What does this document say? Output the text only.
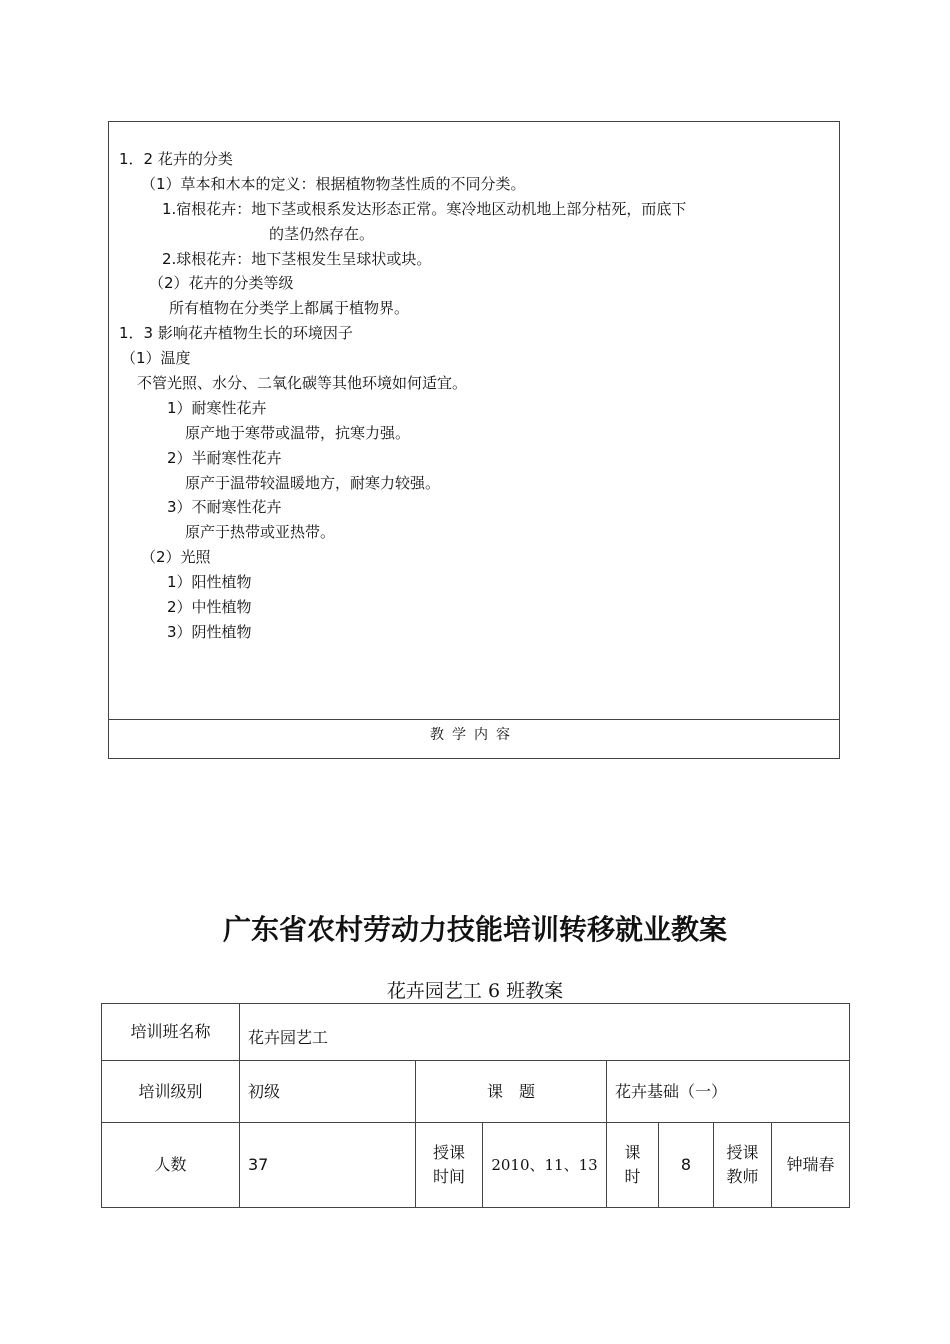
1．2 花卉的分类
（1）草本和木本的定义：根据植物物茎性质的不同分类。
1.宿根花卉：地下茎或根系发达形态正常。寒冷地区动机地上部分枯死，而底下
的茎仍然存在。
2.球根花卉：地下茎根发生呈球状或块。
（2）花卉的分类等级
所有植物在分类学上都属于植物界。
1．3 影响花卉植物生长的环境因子
（1）温度
不管光照、水分、二氧化碳等其他环境如何适宜。
1）耐寒性花卉
原产地于寒带或温带，抗寒力强。
2）半耐寒性花卉
原产于温带较温暖地方，耐寒力较强。
3）不耐寒性花卉
原产于热带或亚热带。
（2）光照
1）阳性植物
2）中性植物
3）阴性植物
教学内容
广东省农村劳动力技能培训转移就业教案
花卉园艺工 6 班教案
培训班名称	花卉园艺工						
培训级别	初级	课　题		花卉基础（一）			
人数	37	授课时间	2010、11、13	课时	8	授课教师	钟瑞春
